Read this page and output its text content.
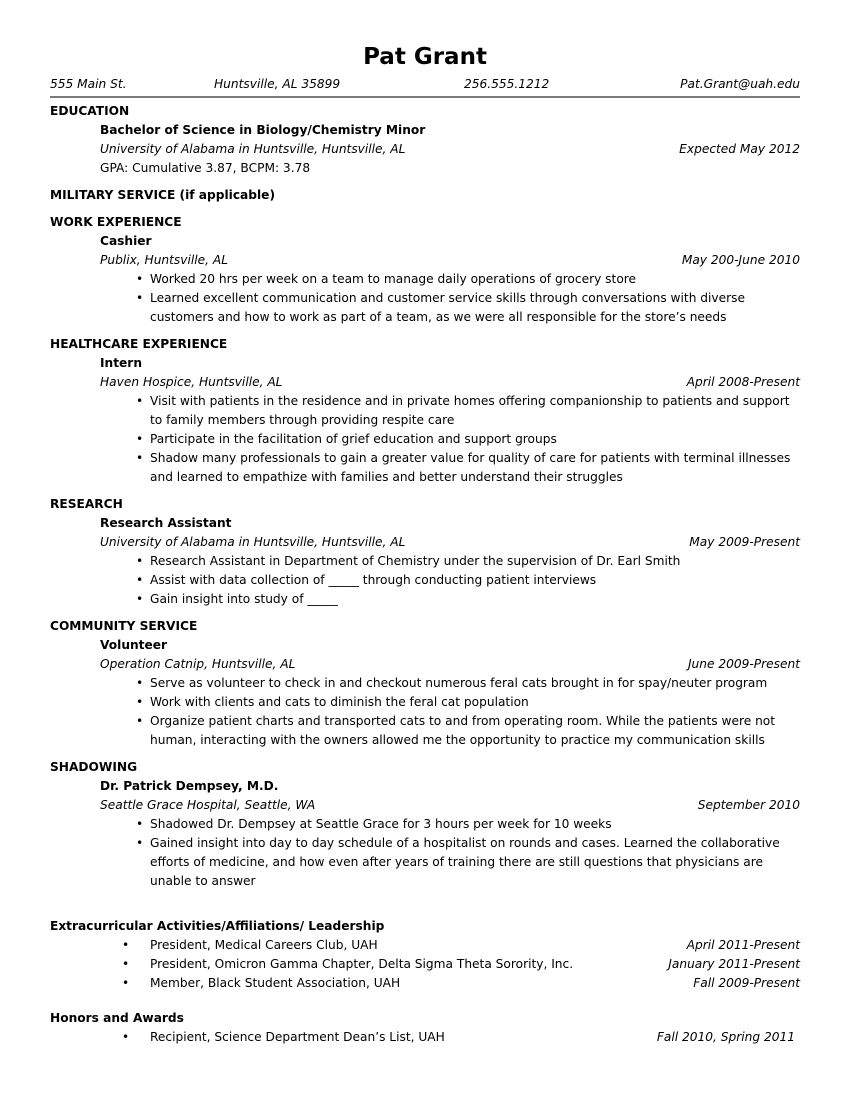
Pat Grant
555 Main St.	Huntsville, AL 35899	256.555.1212	Pat.Grant@uah.edu
EDUCATION
Bachelor of Science in Biology/Chemistry Minor
University of Alabama in Huntsville, Huntsville, AL	Expected May 2012
GPA: Cumulative 3.87, BCPM: 3.78
MILITARY SERVICE (if applicable)
WORK EXPERIENCE
Cashier
Publix, Huntsville, AL	May 200-June 2010
• Worked 20 hrs per week on a team to manage daily operations of grocery store
• Learned excellent communication and customer service skills through conversations with diverse customers and how to work as part of a team, as we were all responsible for the store’s needs
HEALTHCARE EXPERIENCE
Intern
Haven Hospice, Huntsville, AL	April 2008-Present
• Visit with patients in the residence and in private homes offering companionship to patients and support to family members through providing respite care
• Participate in the facilitation of grief education and support groups
• Shadow many professionals to gain a greater value for quality of care for patients with terminal illnesses and learned to empathize with families and better understand their struggles
RESEARCH
Research Assistant
University of Alabama in Huntsville, Huntsville, AL	May 2009-Present
• Research Assistant in Department of Chemistry under the supervision of Dr. Earl Smith
• Assist with data collection of _____ through conducting patient interviews
• Gain insight into study of _____
COMMUNITY SERVICE
Volunteer
Operation Catnip, Huntsville, AL	June 2009-Present
• Serve as volunteer to check in and checkout numerous feral cats brought in for spay/neuter program
• Work with clients and cats to diminish the feral cat population
• Organize patient charts and transported cats to and from operating room. While the patients were not human, interacting with the owners allowed me the opportunity to practice my communication skills
SHADOWING
Dr. Patrick Dempsey, M.D.
Seattle Grace Hospital, Seattle, WA	September 2010
• Shadowed Dr. Dempsey at Seattle Grace for 3 hours per week for 10 weeks
• Gained insight into day to day schedule of a hospitalist on rounds and cases. Learned the collaborative efforts of medicine, and how even after years of training there are still questions that physicians are unable to answer
Extracurricular Activities/Affiliations/ Leadership
•	President, Medical Careers Club, UAH	April 2011-Present
•	President, Omicron Gamma Chapter, Delta Sigma Theta Sorority, Inc.	January 2011-Present
•	Member, Black Student Association, UAH	Fall 2009-Present
Honors and Awards
•	Recipient, Science Department Dean’s List, UAH	Fall 2010, Spring 2011
